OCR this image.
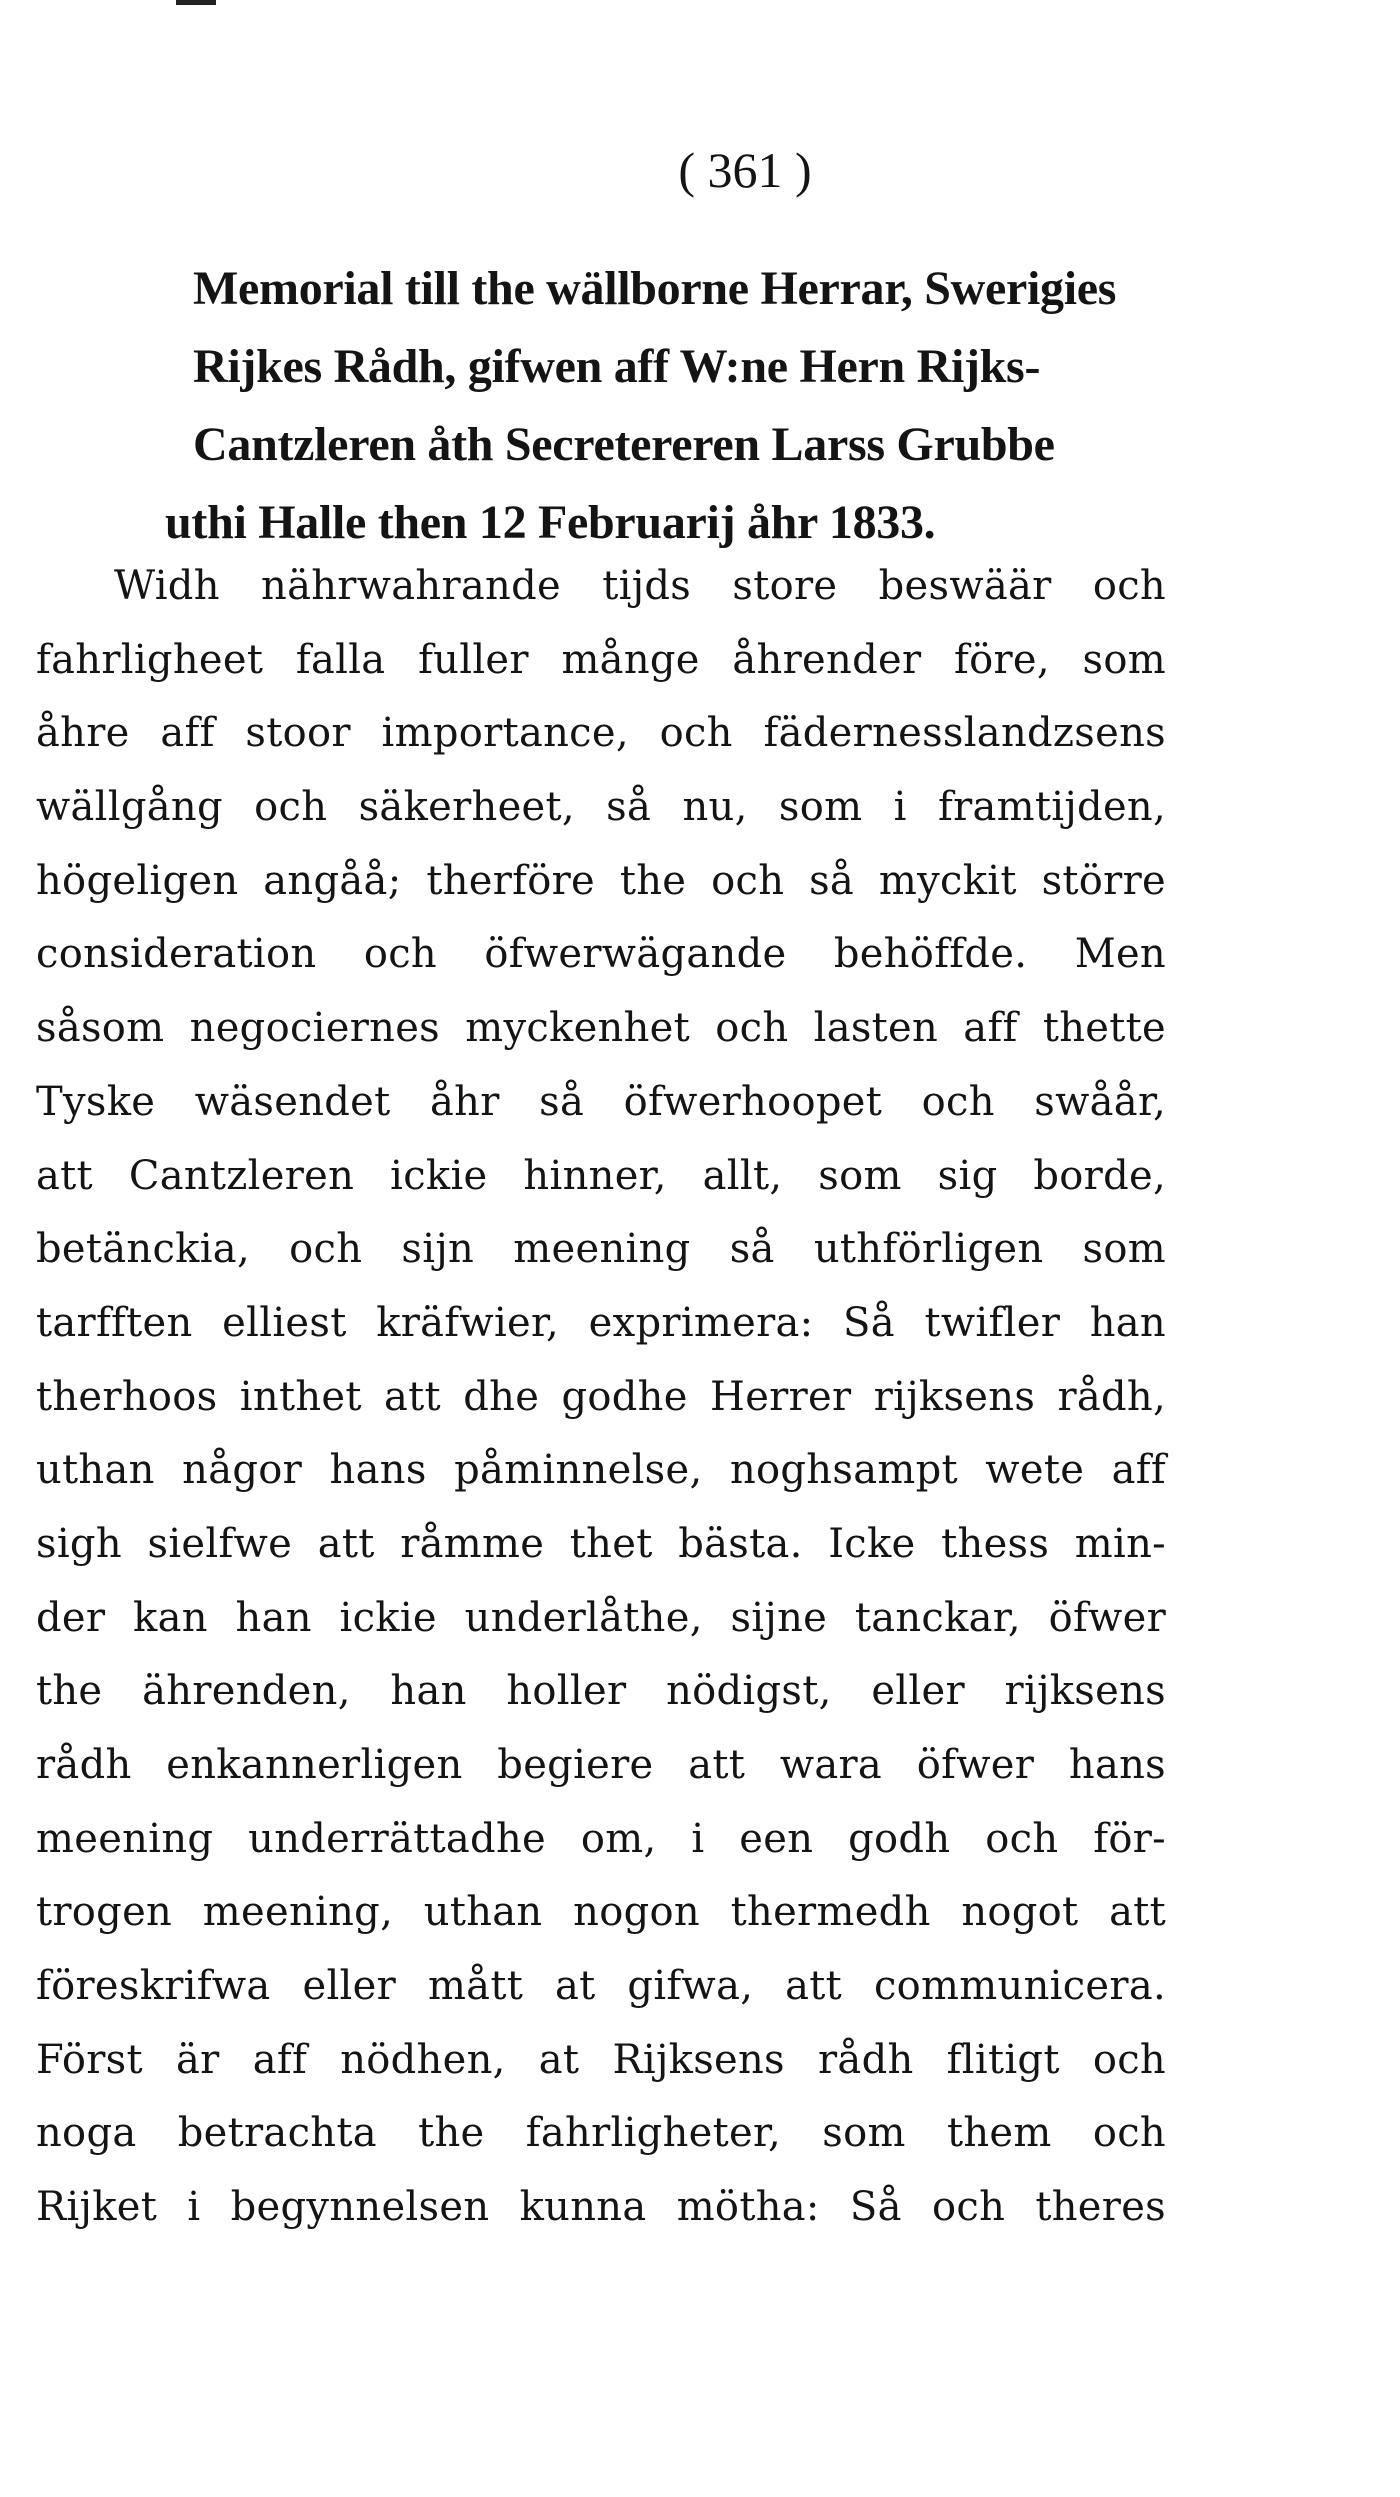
( 361 )
Memorial till the wällborne Herrar, Swerigies
Rijkes Rådh, gifwen aff W:ne Hern Rijks-
Cantzleren åth Secretereren Larss Grubbe
uthi Halle then 12 Februarij åhr 1833.
Widh nährwahrande tijds store beswäär och
fahrligheet falla fuller månge åhrender före, som
åhre aff stoor importance, och fädernesslandzsens
wällgång och säkerheet, så nu, som i framtijden,
högeligen angåå; therföre the och så myckit större
consideration och öfwerwägande behöffde. Men
såsom negociernes myckenhet och lasten aff thette
Tyske wäsendet åhr så öfwerhoopet och swåår,
att Cantzleren ickie hinner, allt, som sig borde,
betänckia, och sijn meening så uthförligen som
tarfften elliest kräfwier, exprimera: Så twifler han
therhoos inthet att dhe godhe Herrer rijksens rådh,
uthan någor hans påminnelse, noghsampt wete aff
sigh sielfwe att råmme thet bästa. Icke thess min-
der kan han ickie underlåthe, sijne tanckar, öfwer
the ährenden, han holler nödigst, eller rijksens
rådh enkannerligen begiere att wara öfwer hans
meening underrättadhe om, i een godh och för-
trogen meening, uthan nogon thermedh nogot att
föreskrifwa eller mått at gifwa, att communicera.
Först är aff nödhen, at Rijksens rådh flitigt och
noga betrachta the fahrligheter, som them och
Rijket i begynnelsen kunna mötha: Så och theres
